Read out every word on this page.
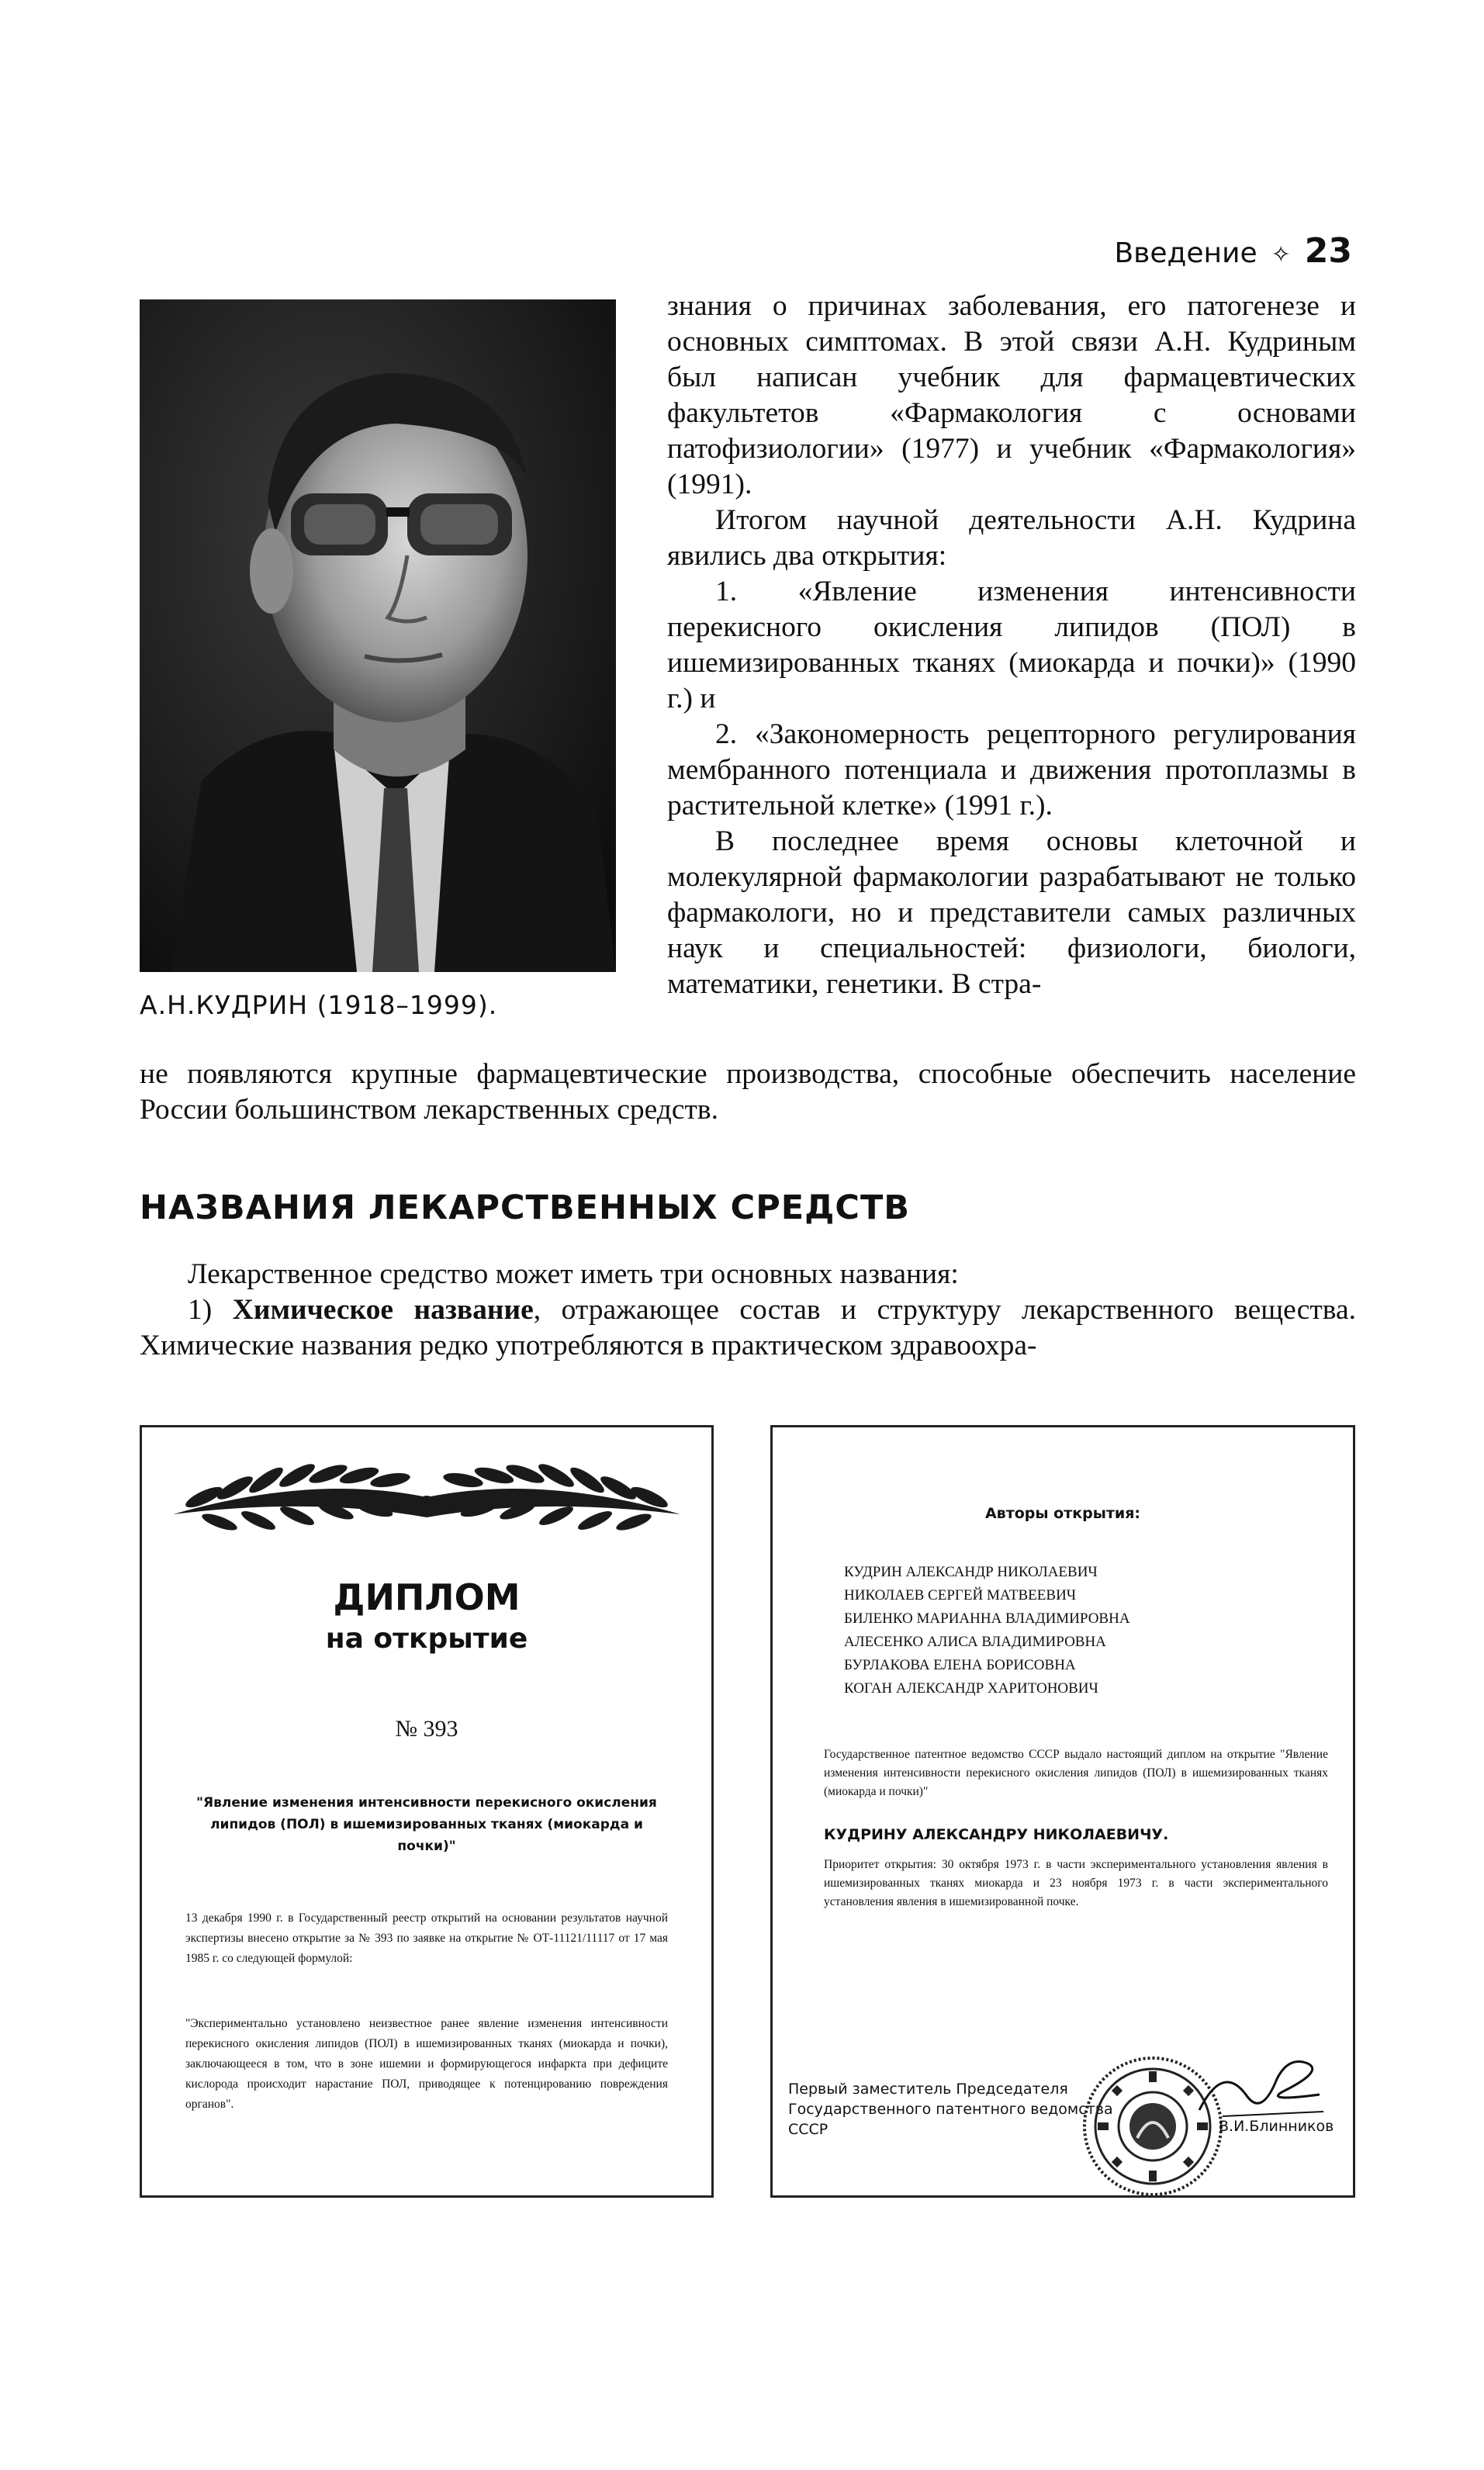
Введение ✧ 23
А.Н.КУДРИН (1918–1999).

знания о причинах заболевания, его патогенезе и основных симптомах. В этой связи А.Н. Кудриным был написан учебник для фармацевтических факультетов «Фармакология с основами патофизиологии» (1977) и учебник «Фармакология» (1991).

Итогом научной деятельности А.Н. Кудрина явились два открытия:

1. «Явление изменения интенсивности перекисного окисления липидов (ПОЛ) в ишемизированных тканях (миокарда и почки)» (1990 г.) и

2. «Закономерность рецепторного регулирования мембранного потенциала и движения протоплазмы в растительной клетке» (1991 г.).

В последнее время основы клеточной и молекулярной фармакологии разрабатывают не только фармакологи, но и представители самых различных наук и специальностей: физиологи, биологи, математики, генетики. В стра-

не появляются крупные фармацевтические производства, способные обеспечить население России большинством лекарственных средств.

НАЗВАНИЯ ЛЕКАРСТВЕННЫХ СРЕДСТВ

Лекарственное средство может иметь три основных названия:

1) Химическое название, отражающее состав и структуру лекарственного вещества. Химические названия редко употребляются в практическом здравоохра-

ДИПЛОМ
на открытие
№ 393
"Явление изменения интенсивности перекисного окисления липидов (ПОЛ) в ишемизированных тканях (миокарда и почки)"
13 декабря 1990 г. в Государственный реестр открытий на основании результатов научной экспертизы внесено открытие за № 393 по заявке на открытие № ОТ-11121/11117 от 17 мая 1985 г. со следующей формулой:
"Экспериментально установлено неизвестное ранее явление изменения интенсивности перекисного окисления липидов (ПОЛ) в ишемизированных тканях (миокарда и почки), заключающееся в том, что в зоне ишемии и формирующегося инфаркта при дефиците кислорода происходит нарастание ПОЛ, приводящее к потенцированию повреждения органов".
Авторы открытия:
КУДРИН АЛЕКСАНДР НИКОЛАЕВИЧ
НИКОЛАЕВ СЕРГЕЙ МАТВЕЕВИЧ
БИЛЕНКО МАРИАННА ВЛАДИМИРОВНА
АЛЕСЕНКО АЛИСА ВЛАДИМИРОВНА
БУРЛАКОВА ЕЛЕНА БОРИСОВНА
КОГАН АЛЕКСАНДР ХАРИТОНОВИЧ
Государственное патентное ведомство СССР выдало настоящий диплом на открытие "Явление изменения интенсивности перекисного окисления липидов (ПОЛ) в ишемизированных тканях (миокарда и почки)"
КУДРИНУ АЛЕКСАНДРУ НИКОЛАЕВИЧУ.
Приоритет открытия: 30 октября 1973 г. в части экспериментального установления явления в ишемизированных тканях миокарда и 23 ноября 1973 г. в части экспериментального установления явления в ишемизированной почке.
Первый заместитель Председателя Государственного патентного ведомства СССР	В.И.Блинников
